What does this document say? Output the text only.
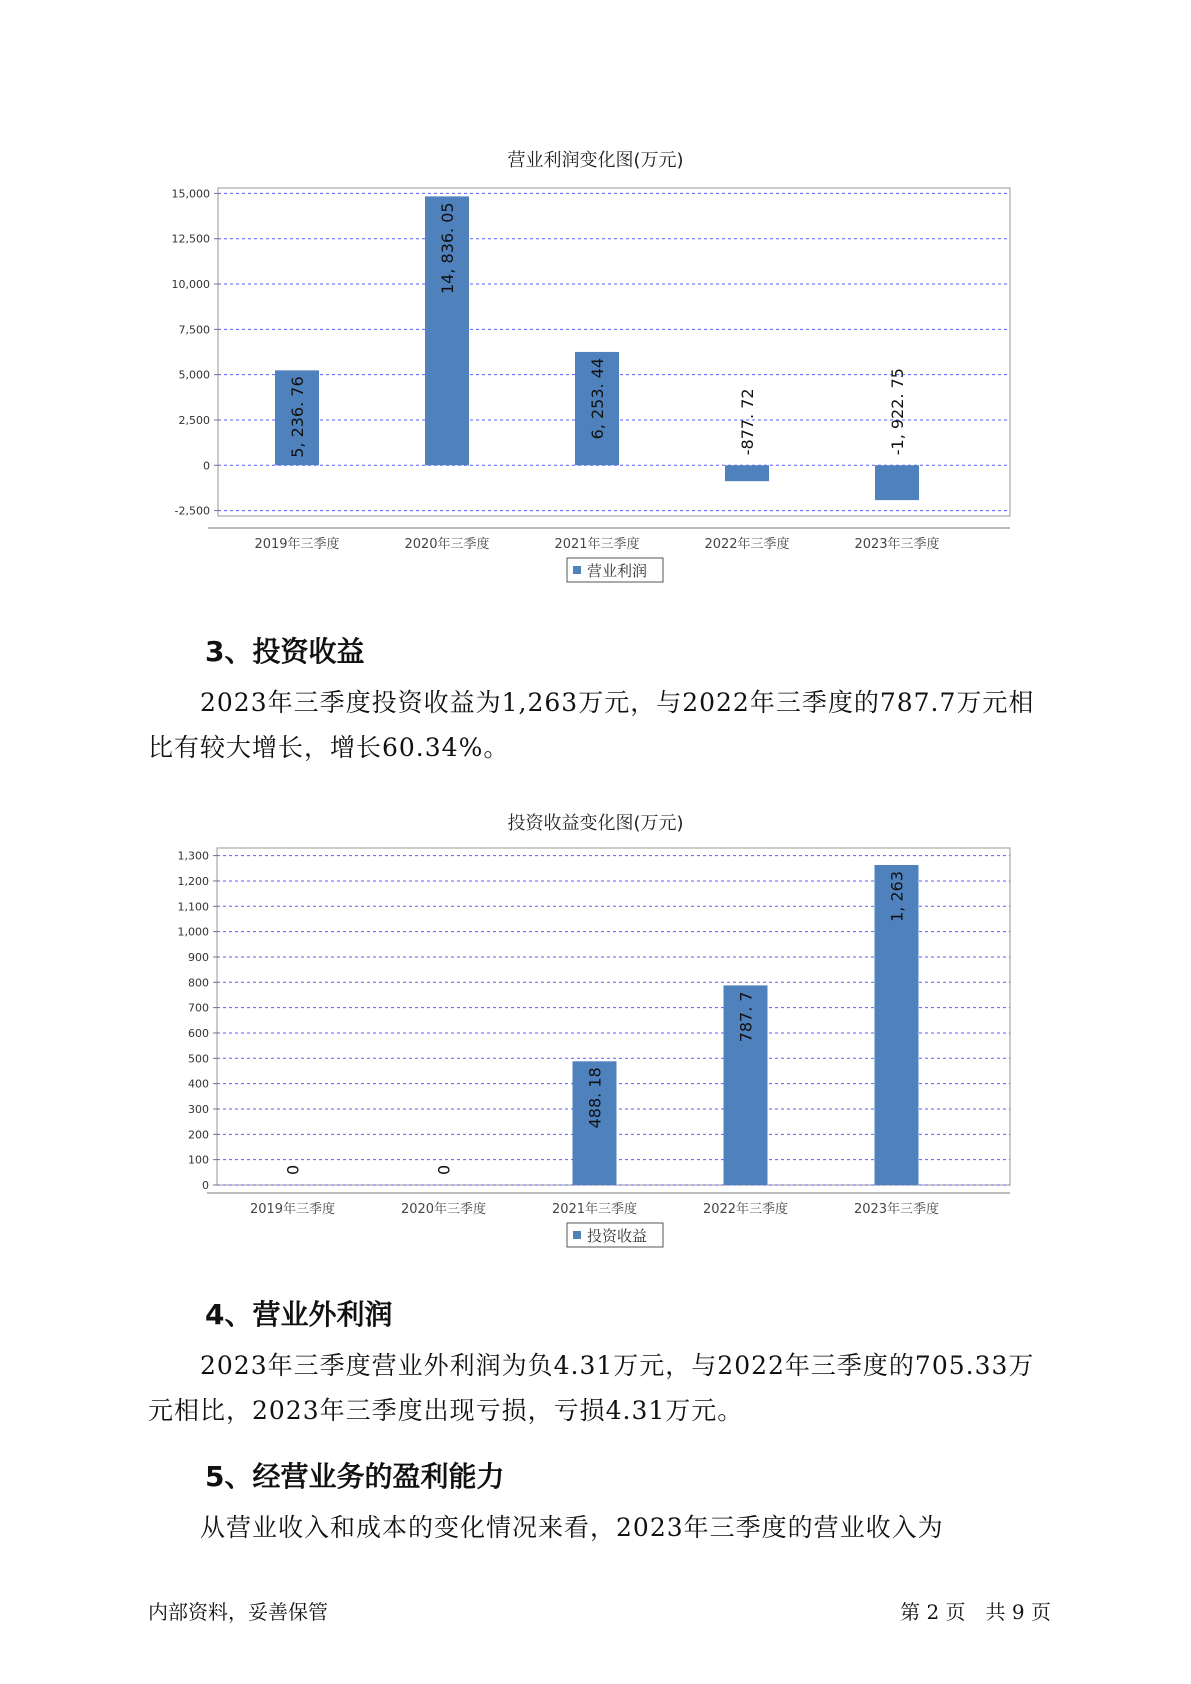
营业利润变化图(万元)
-2,500
0
2,500
5,000
7,500
10,000
12,500
15,000
5, 236. 76
2019年三季度
14, 836. 05
2020年三季度
6, 253. 44
2021年三季度
-877. 72
2022年三季度
-1, 922. 75
2023年三季度
营业利润
3、投资收益

2023年三季度投资收益为1,263万元，与2022年三季度的787.7万元相比有较大增长，增长60.34%。

投资收益变化图(万元)
0
100
200
300
400
500
600
700
800
900
1,000
1,100
1,200
1,300
0
2019年三季度
0
2020年三季度
488. 18
2021年三季度
787. 7
2022年三季度
1, 263
2023年三季度
投资收益
4、营业外利润

2023年三季度营业外利润为负4.31万元，与2022年三季度的705.33万元相比，2023年三季度出现亏损，亏损4.31万元。

5、经营业务的盈利能力

从营业收入和成本的变化情况来看，2023年三季度的营业收入为

内部资料，妥善保管	第 2 页　共 9 页
